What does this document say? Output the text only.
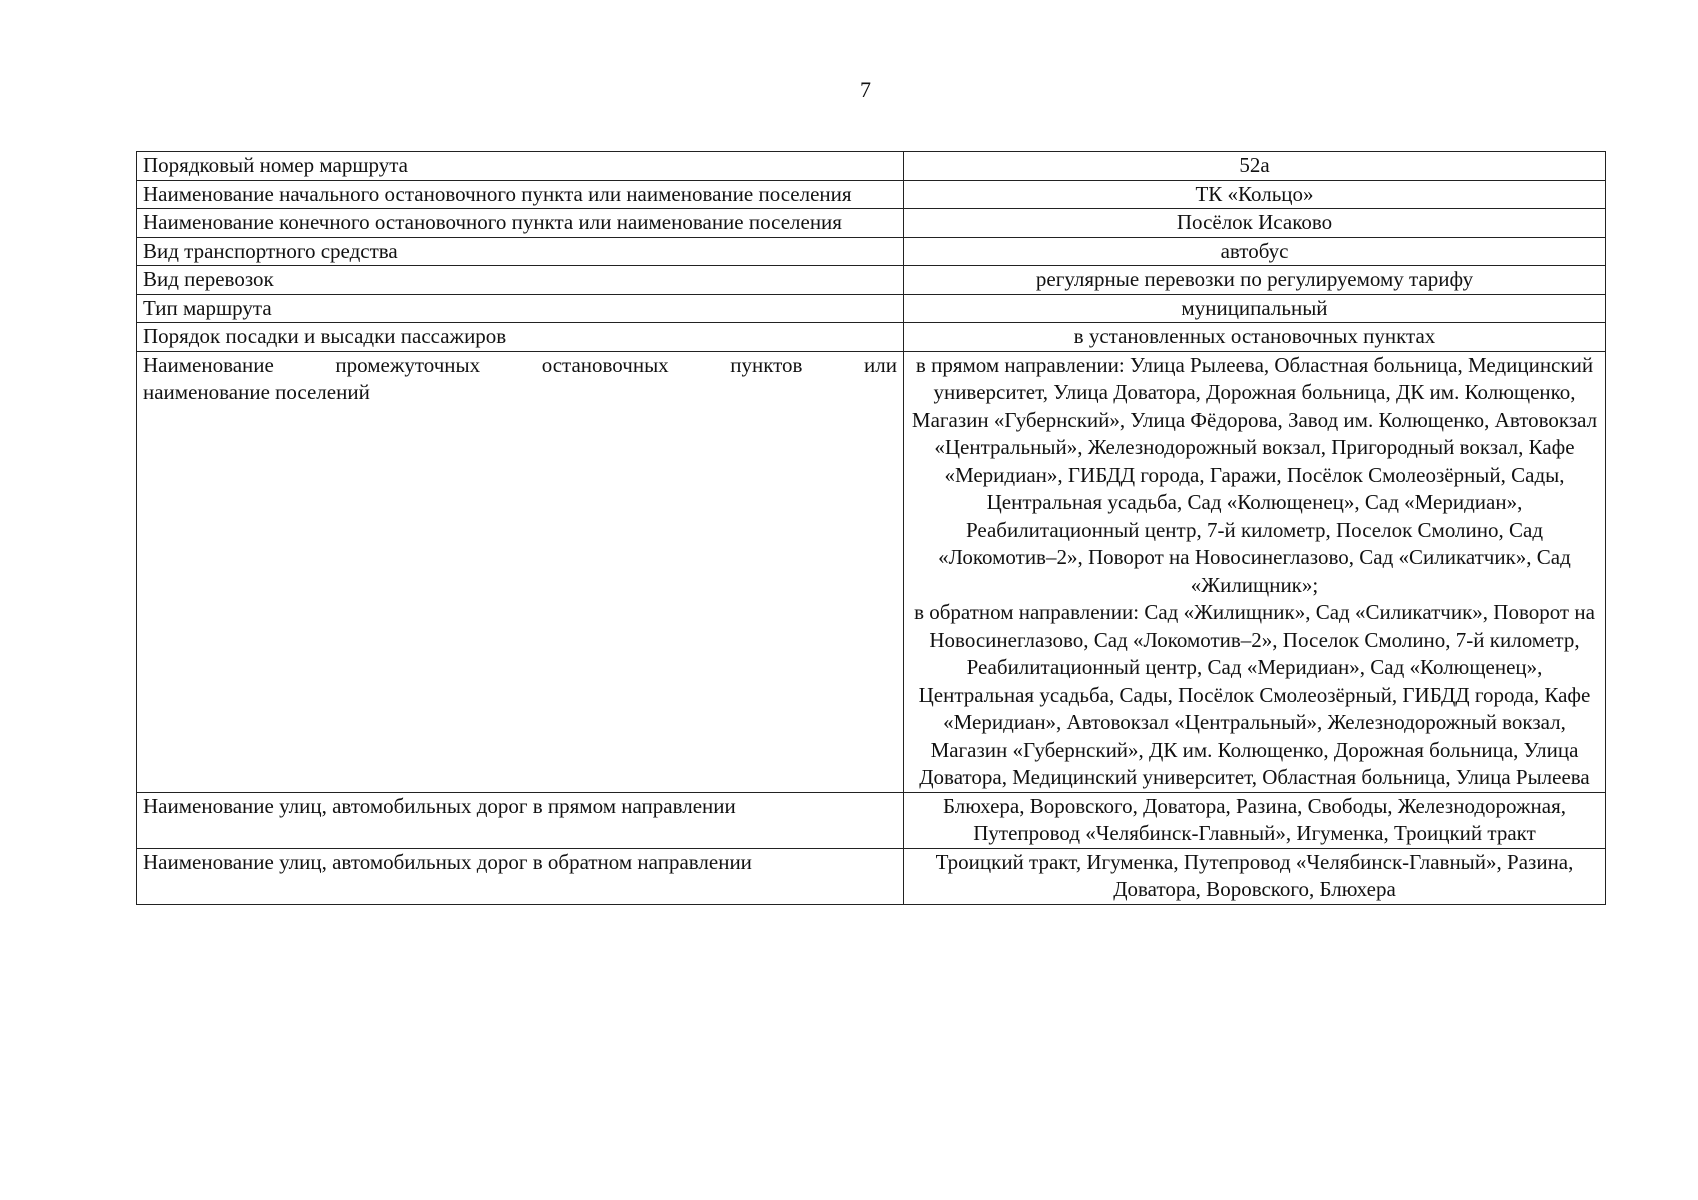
7
Порядковый номер маршрута	52а
Наименование начального остановочного пункта или наименование поселения	ТК «Кольцо»
Наименование конечного остановочного пункта или наименование поселения	Посёлок Исаково
Вид транспортного средства	автобус
Вид перевозок	регулярные перевозки по регулируемому тарифу
Тип маршрута	муниципальный
Порядок посадки и высадки пассажиров	в установленных остановочных пунктах

Наименование промежуточных остановочных пунктов или
наименование поселений	в прямом направлении: Улица Рылеева, Областная больница, Медицинский университет, Улица Доватора, Дорожная больница, ДК им. Колющенко, Магазин «Губернский», Улица Фёдорова, Завод им. Колющенко, Автовокзал «Центральный», Железнодорожный вокзал, Пригородный вокзал, Кафе «Меридиан», ГИБДД города, Гаражи, Посёлок Смолеозёрный, Сады, Центральная усадьба, Сад «Колющенец», Сад «Меридиан», Реабилитационный центр, 7-й километр, Поселок Смолино, Сад «Локомотив–2», Поворот на Новосинеглазово, Сад «Силикатчик», Сад «Жилищник»;
в обратном направлении: Сад «Жилищник», Сад «Силикатчик», Поворот на Новосинеглазово, Сад «Локомотив–2», Поселок Смолино, 7-й километр, Реабилитационный центр, Сад «Меридиан», Сад «Колющенец», Центральная усадьба, Сады, Посёлок Смолеозёрный, ГИБДД города, Кафе «Меридиан», Автовокзал «Центральный», Железнодорожный вокзал, Магазин «Губернский», ДК им. Колющенко, Дорожная больница, Улица Доватора, Медицинский университет, Областная больница, Улица Рылеева

Наименование улиц, автомобильных дорог в прямом направлении	Блюхера, Воровского, Доватора, Разина, Свободы, Железнодорожная, Путепровод «Челябинск-Главный», Игуменка, Троицкий тракт
Наименование улиц, автомобильных дорог в обратном направлении	Троицкий тракт, Игуменка, Путепровод «Челябинск-Главный», Разина, Доватора, Воровского, Блюхера
